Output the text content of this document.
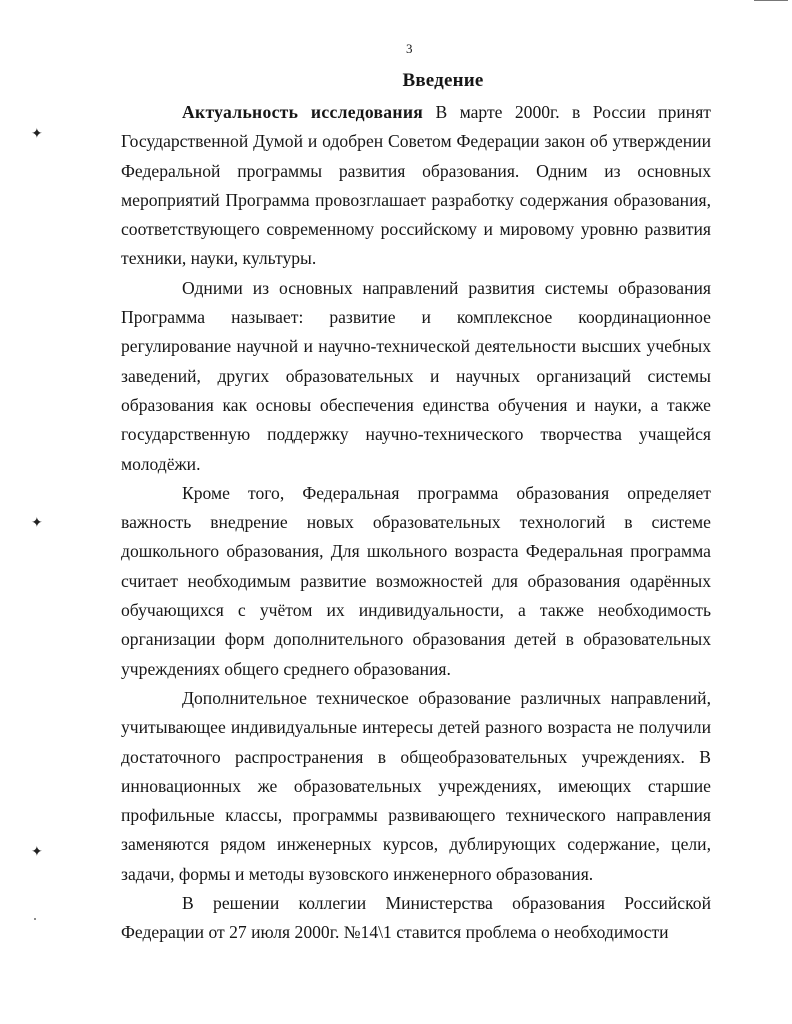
3
Введение
✦
✦
✦

Актуальность исследования В марте 2000г. в России принят Государственной Думой и одобрен Советом Федерации закон об утверждении Федеральной программы развития образования. Одним из основных мероприятий Программа провозглашает разработку содержания образования, соответствующего современному российскому и мировому уровню развития техники, науки, культуры.

Одними из основных направлений развития системы образования Программа называет: развитие и комплексное координационное регулирование научной и научно-технической деятельности высших учебных заведений, других образовательных и научных организаций системы образования как основы обеспечения единства обучения и науки, а также государственную поддержку научно-технического творчества учащейся молодёжи.

Кроме того, Федеральная программа образования определяет важность внедрение новых образовательных технологий в системе дошкольного образования, Для школьного возраста Федеральная программа считает необходимым развитие возможностей для образования одарённых обучающихся с учётом их индивидуальности, а также необходимость организации форм дополнительного образования детей в образовательных учреждениях общего среднего образования.

Дополнительное техническое образование различных направлений, учитывающее индивидуальные интересы детей разного возраста не получили достаточного распространения в общеобразовательных учреждениях. В инновационных же образовательных учреждениях, имеющих старшие профильные классы, программы развивающего технического направления заменяются рядом инженерных курсов, дублирующих содержание, цели, задачи, формы и методы вузовского инженерного образования.

В решении коллегии Министерства образования Российской Федерации от 27 июля 2000г. №14\1 ставится проблема о необходимости
